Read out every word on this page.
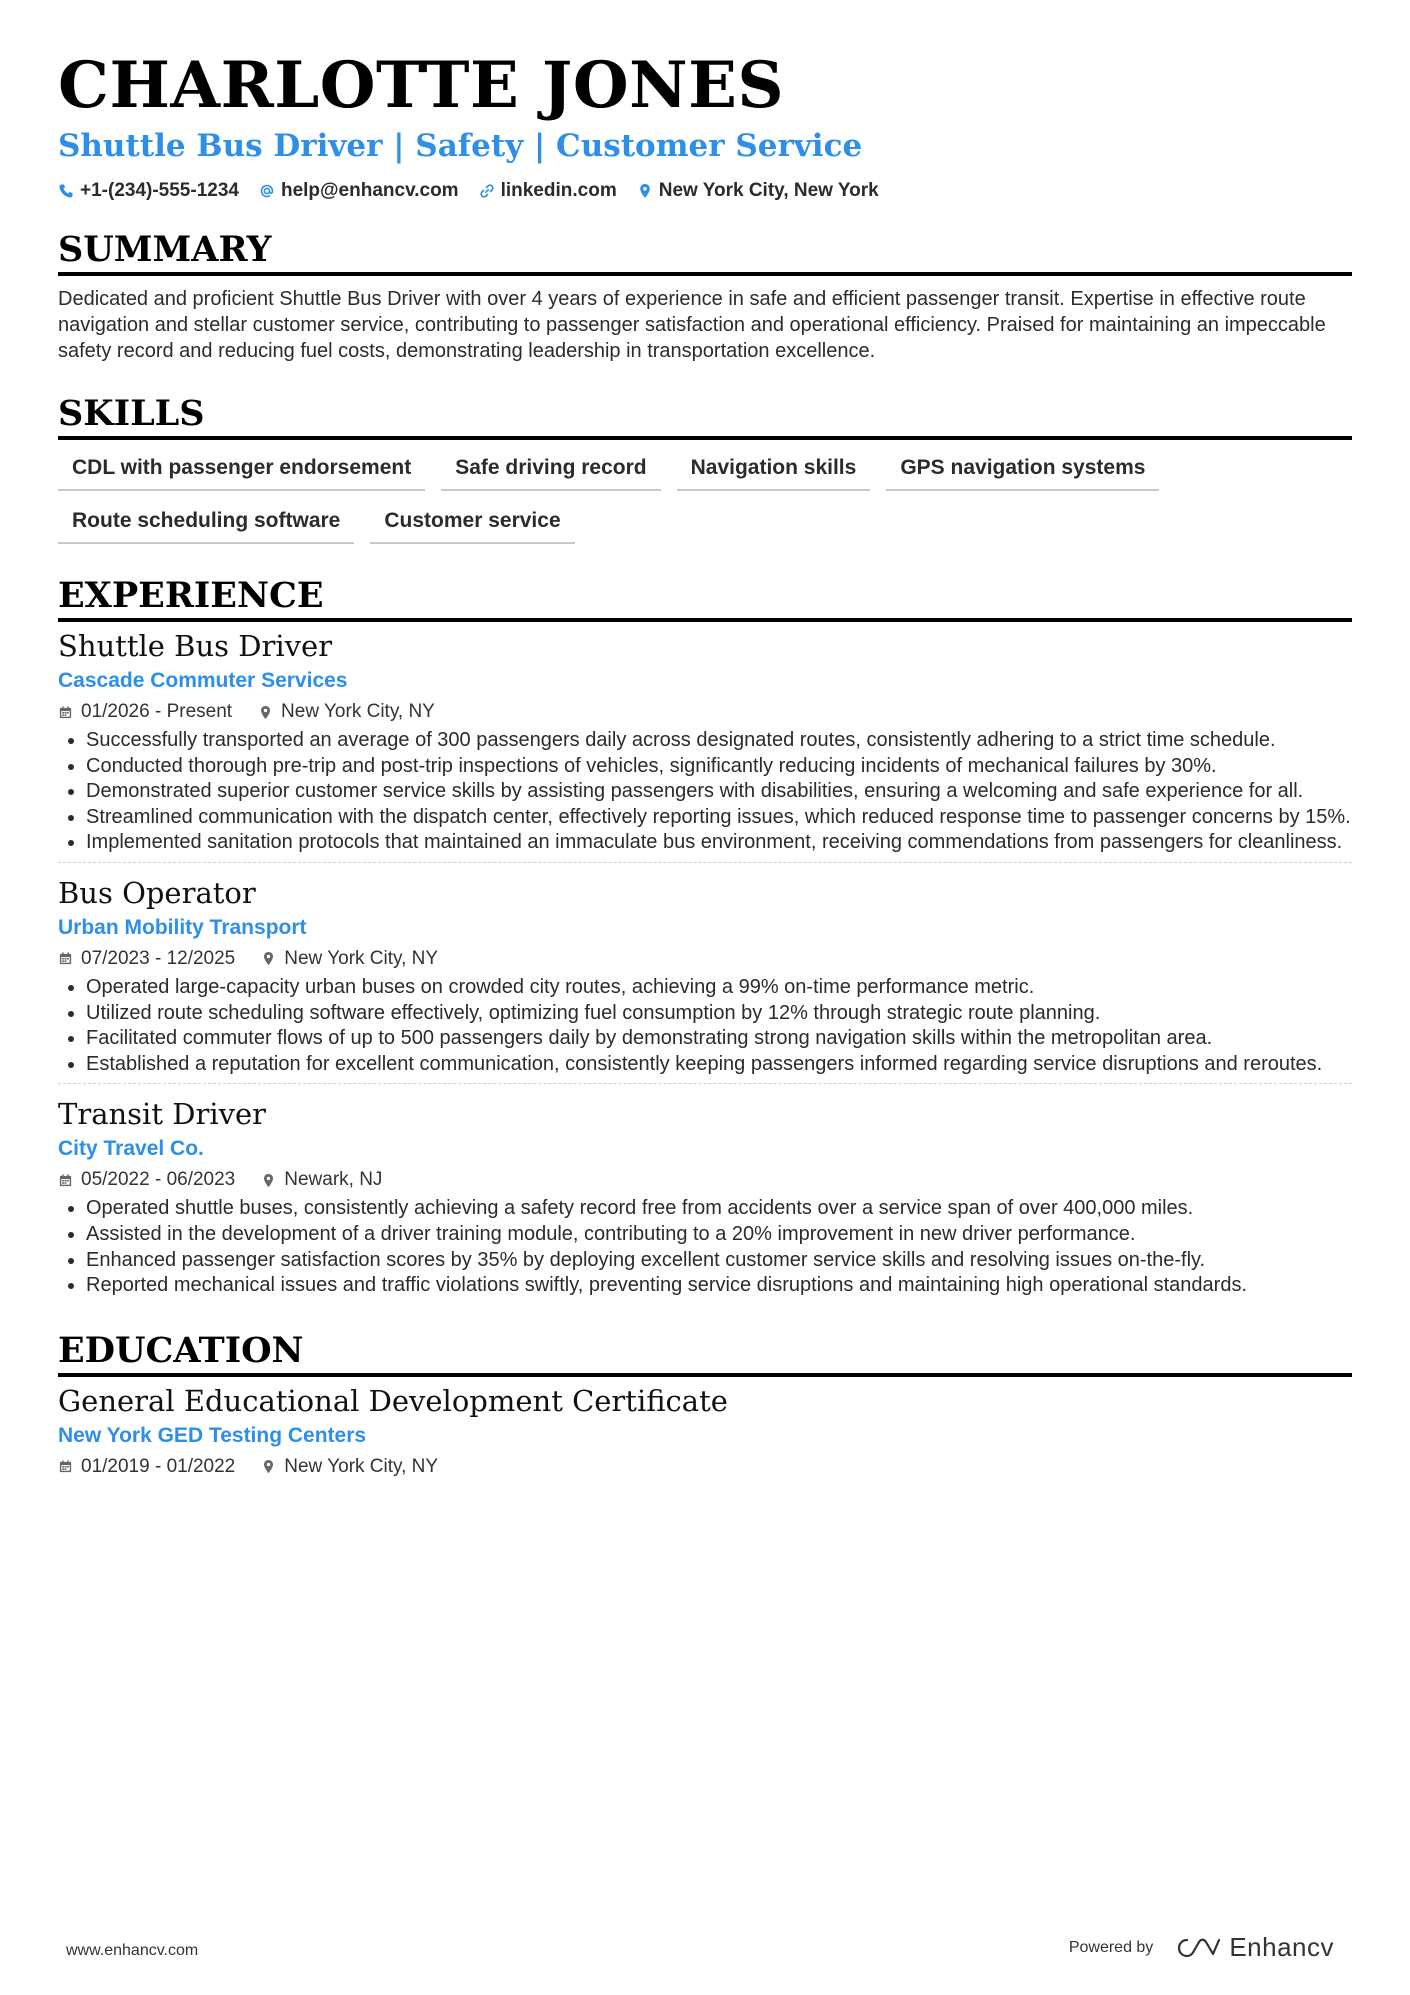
CHARLOTTE JONES
Shuttle Bus Driver | Safety | Customer Service
+1-(234)-555-1234 help@enhancv.com linkedin.com New York City, New York
SUMMARY
Dedicated and proficient Shuttle Bus Driver with over 4 years of experience in safe and efficient passenger transit. Expertise in effective route navigation and stellar customer service, contributing to passenger satisfaction and operational efficiency. Praised for maintaining an impeccable safety record and reducing fuel costs, demonstrating leadership in transportation excellence.
SKILLS
CDL with passenger endorsement	Safe driving record	Navigation skills	GPS navigation systems
Route scheduling software	Customer service
EXPERIENCE
Shuttle Bus Driver
Cascade Commuter Services
01/2026 - Present	New York City, NY
• Successfully transported an average of 300 passengers daily across designated routes, consistently adhering to a strict time schedule.
• Conducted thorough pre-trip and post-trip inspections of vehicles, significantly reducing incidents of mechanical failures by 30%.
• Demonstrated superior customer service skills by assisting passengers with disabilities, ensuring a welcoming and safe experience for all.
• Streamlined communication with the dispatch center, effectively reporting issues, which reduced response time to passenger concerns by 15%.
• Implemented sanitation protocols that maintained an immaculate bus environment, receiving commendations from passengers for cleanliness.
Bus Operator
Urban Mobility Transport
07/2023 - 12/2025	New York City, NY
• Operated large-capacity urban buses on crowded city routes, achieving a 99% on-time performance metric.
• Utilized route scheduling software effectively, optimizing fuel consumption by 12% through strategic route planning.
• Facilitated commuter flows of up to 500 passengers daily by demonstrating strong navigation skills within the metropolitan area.
• Established a reputation for excellent communication, consistently keeping passengers informed regarding service disruptions and reroutes.
Transit Driver
City Travel Co.
05/2022 - 06/2023	Newark, NJ
• Operated shuttle buses, consistently achieving a safety record free from accidents over a service span of over 400,000 miles.
• Assisted in the development of a driver training module, contributing to a 20% improvement in new driver performance.
• Enhanced passenger satisfaction scores by 35% by deploying excellent customer service skills and resolving issues on-the-fly.
• Reported mechanical issues and traffic violations swiftly, preventing service disruptions and maintaining high operational standards.
EDUCATION
General Educational Development Certificate
New York GED Testing Centers
01/2019 - 01/2022	New York City, NY
www.enhancv.com	Powered by	Enhancv
